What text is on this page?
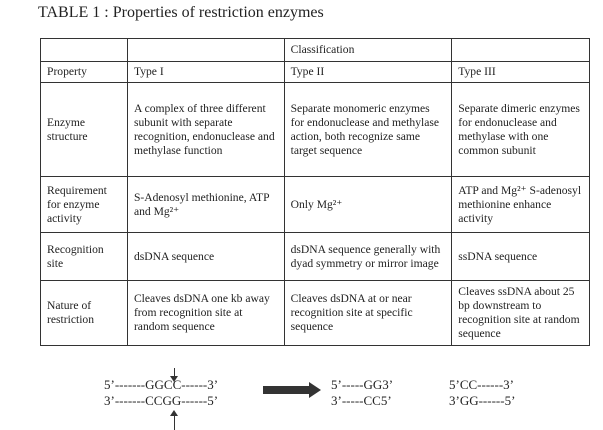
TABLE 1 : Properties of restriction enzymes
		Classification	
Property	Type I	Type II	Type III
Enzyme structure	A complex of three different subunit with separate recognition, endonuclease and methylase function	Separate monomeric enzymes for endonuclease and methylase action, both recognize same target sequence	Separate dimeric enzymes for endonuclease and methylase with one common subunit
Requirement for enzyme activity	S-Adenosyl methionine, ATP and Mg²⁺	Only Mg²⁺	ATP and Mg²⁺ S-adenosyl methionine enhance activity
Recognition site	dsDNA sequence	dsDNA sequence generally with dyad symmetry or mirror image	ssDNA sequence
Nature of restriction	Cleaves dsDNA one kb away from recognition site at random sequence	Cleaves dsDNA at or near recognition site at specific sequence	Cleaves ssDNA about 25 bp downstream to recognition site at random sequence
5’-------GGCC------3’
3’-------CCGG------5’
5’-----GG3’
3’-----CC5’
5’CC------3’
3’GG------5’
